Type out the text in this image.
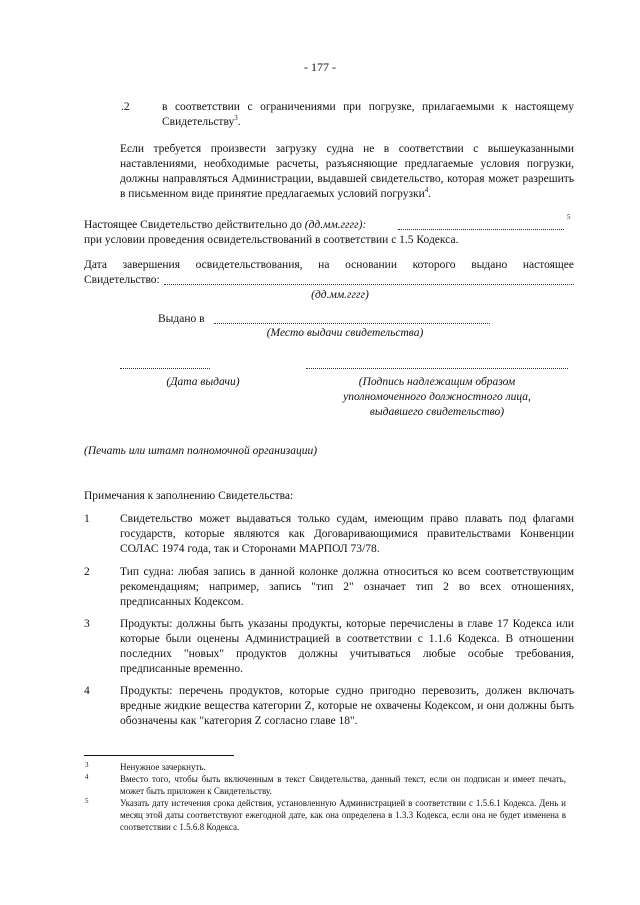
- 177 -
.2	в соответствии с ограничениями при погрузке, прилагаемыми к настоящему Свидетельству$^3$.
Если требуется произвести загрузку судна не в соответствии с вышеуказанными наставлениями, необходимые расчеты, разъясняющие предлагаемые условия погрузки, должны направляться Администрации, выдавшей свидетельство, которая может разрешить в письменном виде принятие предлагаемых условий погрузки$^4$.
Настоящее Свидетельство действительно до (дд.мм.гггг):
5
при условии проведения освидетельствований в соответствии с 1.5 Кодекса.
Дата завершения освидетельствования, на основании которого выдано настоящее
Свидетельство:
(дд.мм.гггг)
Выдано в
(Место выдачи свидетельства)
(Дата выдачи)	(Подпись надлежащим образом
уполномоченного должностного лица,
выдавшего свидетельство)
(Печать или штамп полномочной организации)
Примечания к заполнению Свидетельства:
1	Свидетельство может выдаваться только судам, имеющим право плавать под флагами государств, которые являются как Договаривающимися правительствами Конвенции СОЛАС 1974 года, так и Сторонами МАРПОЛ 73/78.
2	Тип судна: любая запись в данной колонке должна относиться ко всем соответствующим рекомендациям; например, запись "тип 2" означает тип 2 во всех отношениях, предписанных Кодексом.
3	Продукты: должны быть указаны продукты, которые перечислены в главе 17 Кодекса или которые были оценены Администрацией в соответствии с 1.1.6 Кодекса. В отношении последних "новых" продуктов должны учитываться любые особые требования, предписанные временно.
4	Продукты: перечень продуктов, которые судно пригодно перевозить, должен включать вредные жидкие вещества категории Z, которые не охвачены Кодексом, и они должны быть обозначены как "категория Z согласно главе 18".
3	Ненужное зачеркнуть.
4	Вместо того, чтобы быть включенным в текст Свидетельства, данный текст, если он подписан и имеет печать, может быть приложен к Свидетельству.
5	Указать дату истечения срока действия, установленную Администрацией в соответствии с 1.5.6.1 Кодекса. День и месяц этой даты соответствуют ежегодной дате, как она определена в 1.3.3 Кодекса, если она не будет изменена в соответствии с 1.5.6.8 Кодекса.
